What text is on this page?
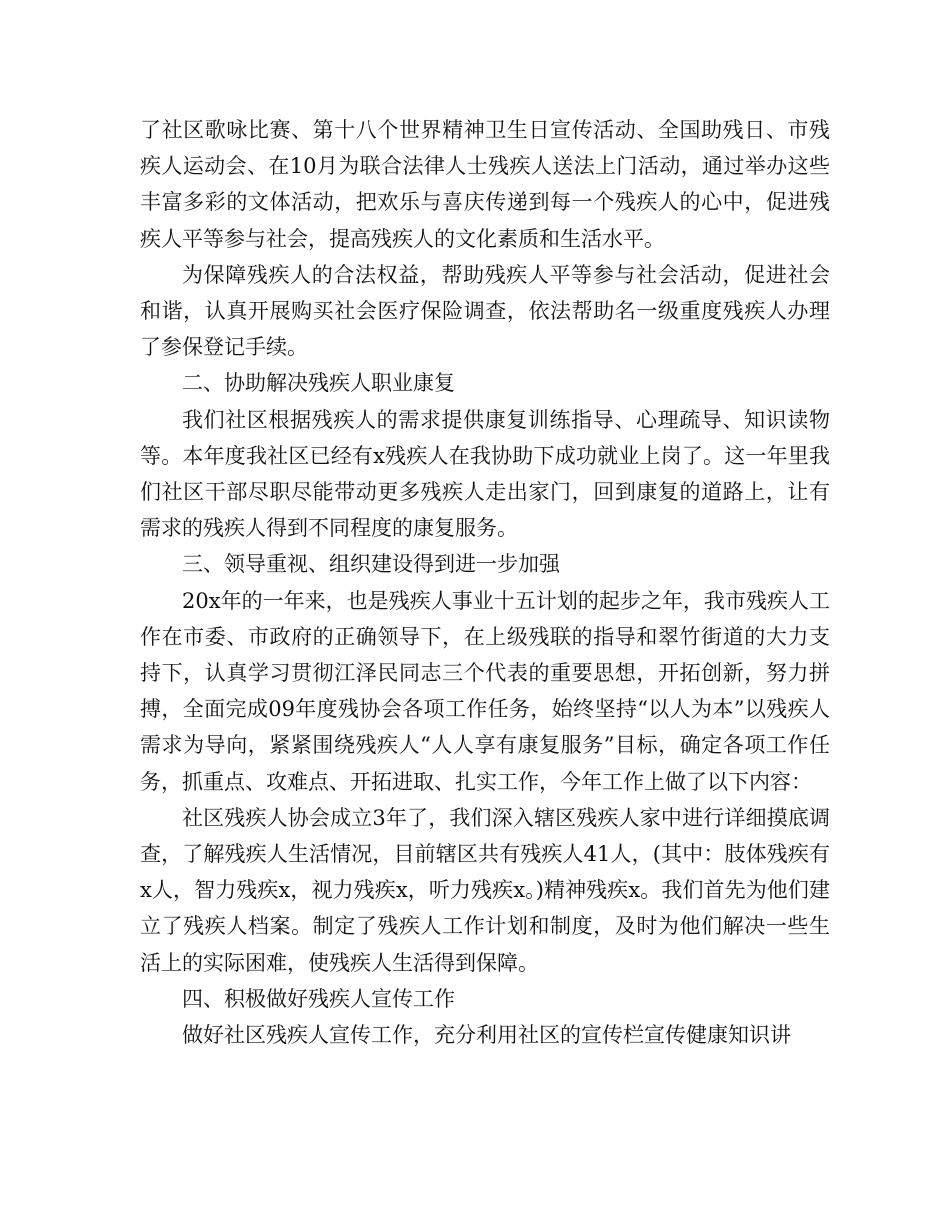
了社区歌咏比赛、第十八个世界精神卫生日宣传活动、全国助残日、市残疾人运动会、在10月为联合法律人士残疾人送法上门活动，通过举办这些丰富多彩的文体活动，把欢乐与喜庆传递到每一个残疾人的心中，促进残疾人平等参与社会，提高残疾人的文化素质和生活水平。

为保障残疾人的合法权益，帮助残疾人平等参与社会活动，促进社会和谐，认真开展购买社会医疗保险调查，依法帮助名一级重度残疾人办理了参保登记手续。

二、协助解决残疾人职业康复

我们社区根据残疾人的需求提供康复训练指导、心理疏导、知识读物等。本年度我社区已经有x残疾人在我协助下成功就业上岗了。这一年里我们社区干部尽职尽能带动更多残疾人走出家门，回到康复的道路上，让有需求的残疾人得到不同程度的康复服务。

三、领导重视、组织建设得到进一步加强

20x年的一年来，也是残疾人事业十五计划的起步之年，我市残疾人工作在市委、市政府的正确领导下，在上级残联的指导和翠竹街道的大力支持下，认真学习贯彻江泽民同志三个代表的重要思想，开拓创新，努力拼搏，全面完成09年度残协会各项工作任务，始终坚持“以人为本”以残疾人需求为导向，紧紧围绕残疾人“人人享有康复服务”目标，确定各项工作任务，抓重点、攻难点、开拓进取、扎实工作，今年工作上做了以下内容：

社区残疾人协会成立3年了，我们深入辖区残疾人家中进行详细摸底调查，了解残疾人生活情况，目前辖区共有残疾人41人，(其中：肢体残疾有x人，智力残疾x，视力残疾x，听力残疾x。)精神残疾x。我们首先为他们建立了残疾人档案。制定了残疾人工作计划和制度，及时为他们解决一些生活上的实际困难，使残疾人生活得到保障。

四、积极做好残疾人宣传工作

做好社区残疾人宣传工作，充分利用社区的宣传栏宣传健康知识讲
